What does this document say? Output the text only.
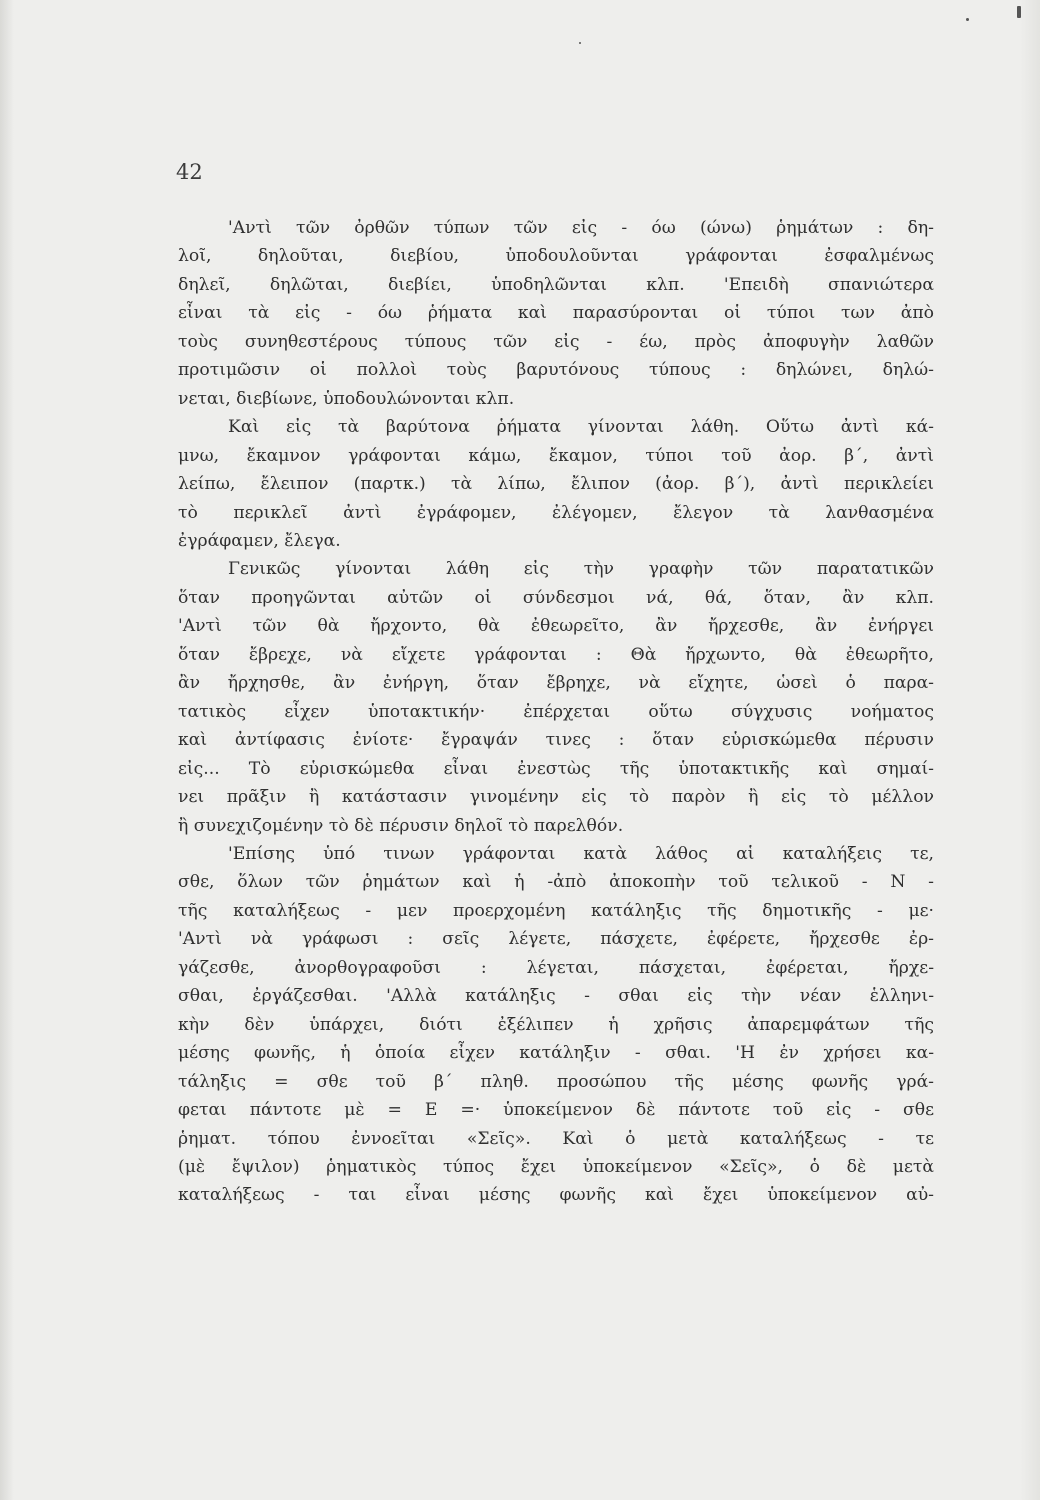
42
'Αντὶ τῶν ὀρθῶν τύπων τῶν εἰς - όω (ώνω) ῥημάτων : δη-
λοῖ, δηλοῦται, διεβίου, ὑποδουλοῦνται γράφονται ἐσφαλμένως
δηλεῖ, δηλῶται, διεβίει, ὑποδηλῶνται κλπ. 'Επειδὴ σπανιώτερα
εἶναι τὰ εἰς - όω ῥήματα καὶ παρασύρονται οἱ τύποι των ἀπὸ
τοὺς συνηθεστέρους τύπους τῶν εἰς - έω, πρὸς ἀποφυγὴν λαθῶν
προτιμῶσιν οἱ πολλοὶ τοὺς βαρυτόνους τύπους : δηλώνει, δηλώ-
νεται, διεβίωνε, ὑποδουλώνονται κλπ.
Καὶ εἰς τὰ βαρύτονα ῥήματα γίνονται λάθη. Οὕτω ἀντὶ κά-
μνω, ἔκαμνον γράφονται κάμω, ἔκαμον, τύποι τοῦ ἀορ. β΄, ἀντὶ
λείπω, ἔλειπον (παρτκ.) τὰ λίπω, ἔλιπον (ἀορ. β΄), ἀντὶ περικλείει
τὸ περικλεῖ ἀντὶ ἐγράφομεν, ἐλέγομεν, ἔλεγον τὰ λανθασμένα
ἐγράφαμεν, ἔλεγα.
Γενικῶς γίνονται λάθη εἰς τὴν γραφὴν τῶν παρατατικῶν
ὅταν προηγῶνται αὐτῶν οἱ σύνδεσμοι νά, θά, ὅταν, ἂν κλπ.
'Αντὶ τῶν θὰ ἤρχοντο, θὰ ἐθεωρεῖτο, ἂν ἤρχεσθε, ἂν ἐνήργει
ὅταν ἔβρεχε, νὰ εἴχετε γράφονται : Θὰ ἤρχωντο, θὰ ἐθεωρῆτο,
ἂν ἤρχησθε, ἂν ἐνήργη, ὅταν ἔβρηχε, νὰ εἴχητε, ὡσεὶ ὁ παρα-
τατικὸς εἶχεν ὑποτακτικήν· ἐπέρχεται οὕτω σύγχυσις νοήματος
καὶ ἀντίφασις ἐνίοτε· ἔγραψάν τινες : ὅταν εὑρισκώμεθα πέρυσιν
εἰς... Τὸ εὑρισκώμεθα εἶναι ἐνεστὼς τῆς ὑποτακτικῆς καὶ σημαί-
νει πρᾶξιν ἢ κατάστασιν γινομένην εἰς τὸ παρὸν ἢ εἰς τὸ μέλλον
ἢ συνεχιζομένην τὸ δὲ πέρυσιν δηλοῖ τὸ παρελθόν.
'Επίσης ὑπό τινων γράφονται κατὰ λάθος αἱ καταλήξεις τε,
σθε, ὅλων τῶν ῥημάτων καὶ ἡ -ἀπὸ ἀποκοπὴν τοῦ τελικοῦ - Ν -
τῆς καταλήξεως - μεν προερχομένη κατάληξις τῆς δημοτικῆς - με·
'Αντὶ νὰ γράφωσι : σεῖς λέγετε, πάσχετε, ἐφέρετε, ἤρχεσθε ἐρ-
γάζεσθε, ἀνορθογραφοῦσι : λέγεται, πάσχεται, ἐφέρεται, ἤρχε-
σθαι, ἐργάζεσθαι. 'Αλλὰ κατάληξις - σθαι εἰς τὴν νέαν ἑλληνι-
κὴν δὲν ὑπάρχει, διότι ἐξέλιπεν ἡ χρῆσις ἀπαρεμφάτων τῆς
μέσης φωνῆς, ἡ ὁποία εἶχεν κατάληξιν - σθαι. 'Η ἐν χρήσει κα-
τάληξις = σθε τοῦ β΄ πληθ. προσώπου τῆς μέσης φωνῆς γρά-
φεται πάντοτε μὲ = Ε =· ὑποκείμενον δὲ πάντοτε τοῦ εἰς - σθε
ῥηματ. τόπου ἐννοεῖται «Σεῖς». Καὶ ὁ μετὰ καταλήξεως - τε
(μὲ ἔψιλον) ῥηματικὸς τύπος ἔχει ὑποκείμενον «Σεῖς», ὁ δὲ μετὰ
καταλήξεως - ται εἶναι μέσης φωνῆς καὶ ἔχει ὑποκείμενον αὐ-
